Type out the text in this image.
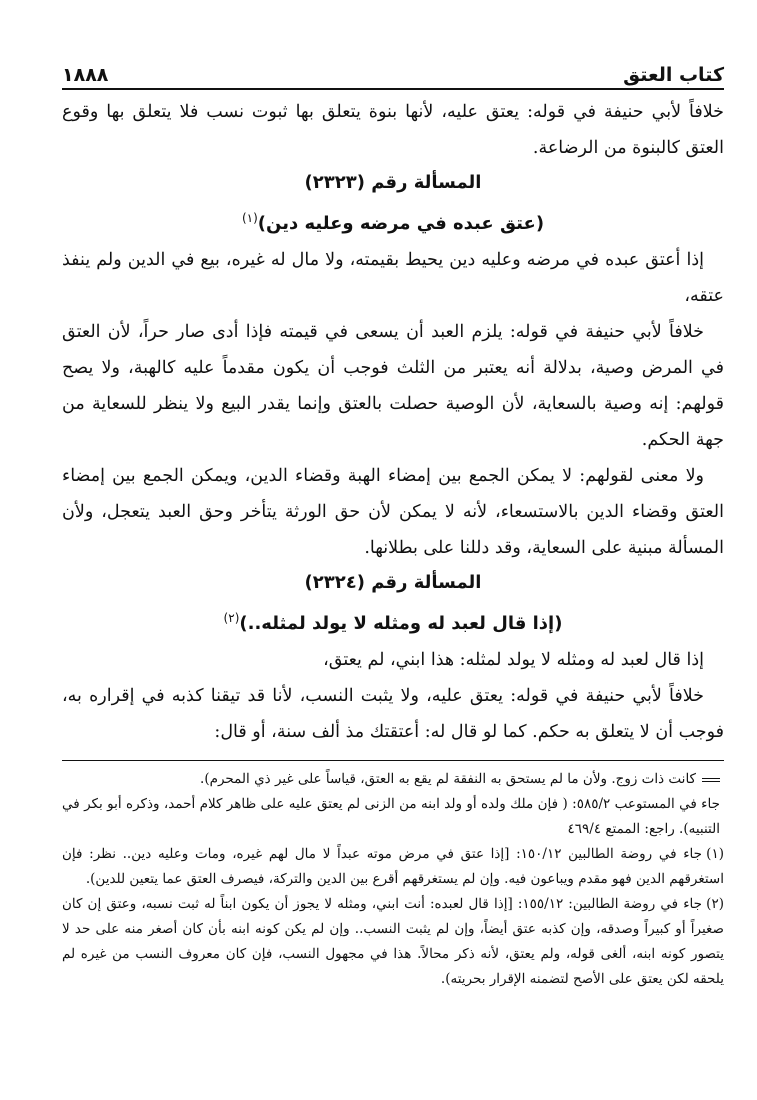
كتاب العتق
١٨٨٨

خلافاً لأبي حنيفة في قوله: يعتق عليه، لأنها بنوة يتعلق بها ثبوت نسب فلا يتعلق بها وقوع العتق كالبنوة من الرضاعة.

المسألة رقم (٢٣٢٣)
(عتق عبده في مرضه وعليه دين)$^{(١)}$

إذا أعتق عبده في مرضه وعليه دين يحيط بقيمته، ولا مال له غيره، بيع في الدين ولم ينفذ عتقه،

خلافاً لأبي حنيفة في قوله: يلزم العبد أن يسعى في قيمته فإذا أدى صار حراً، لأن العتق في المرض وصية، بدلالة أنه يعتبر من الثلث فوجب أن يكون مقدماً عليه كالهبة، ولا يصح قولهم: إنه وصية بالسعاية، لأن الوصية حصلت بالعتق وإنما يقدر البيع ولا ينظر للسعاية من جهة الحكم.

ولا معنى لقولهم: لا يمكن الجمع بين إمضاء الهبة وقضاء الدين، ويمكن الجمع بين إمضاء العتق وقضاء الدين بالاستسعاء، لأنه لا يمكن لأن حق الورثة يتأخر وحق العبد يتعجل، ولأن المسألة مبنية على السعاية، وقد دللنا على بطلانها.

المسألة رقم (٢٣٢٤)
(إذا قال لعبد له ومثله لا يولد لمثله..)$^{(٢)}$

إذا قال لعبد له ومثله لا يولد لمثله: هذا ابني، لم يعتق،

خلافاً لأبي حنيفة في قوله: يعتق عليه، ولا يثبت النسب، لأنا قد تيقنا كذبه في إقراره به، فوجب أن لا يتعلق به حكم. كما لو قال له: أعتقتك مذ ألف سنة، أو قال:

كانت ذات زوج. ولأن ما لم يستحق به النفقة لم يقع به العتق، قياساً على غير ذي المحرم).

جاء في المستوعب ٥٨٥/٢: ( فإن ملك ولده أو ولد ابنه من الزنى لم يعتق عليه على ظاهر كلام أحمد، وذكره أبو بكر في التنبيه). راجع: الممتع ٤٦٩/٤

(١)جاء في روضة الطالبين ١٥٠/١٢: [إذا عتق في مرض موته عبداً لا مال لهم غيره، ومات وعليه دين.. نظر: فإن استغرقهم الدين فهو مقدم ويباعون فيه. وإن لم يستغرقهم أقرع بين الدين والتركة، فيصرف العتق عما يتعين للدين).

(٢)جاء في روضة الطالبين: ١٥٥/١٢: [إذا قال لعبده: أنت ابني، ومثله لا يجوز أن يكون ابناً له ثبت نسبه، وعتق إن كان صغيراً أو كبيراً وصدقه، وإن كذبه عتق أيضاً، وإن لم يثبت النسب.. وإن لم يكن كونه ابنه بأن كان أصغر منه على حد لا يتصور كونه ابنه، ألغى قوله، ولم يعتق، لأنه ذكر محالاً. هذا في مجهول النسب، فإن كان معروف النسب من غيره لم يلحقه لكن يعتق على الأصح لتضمنه الإقرار بحريته).
